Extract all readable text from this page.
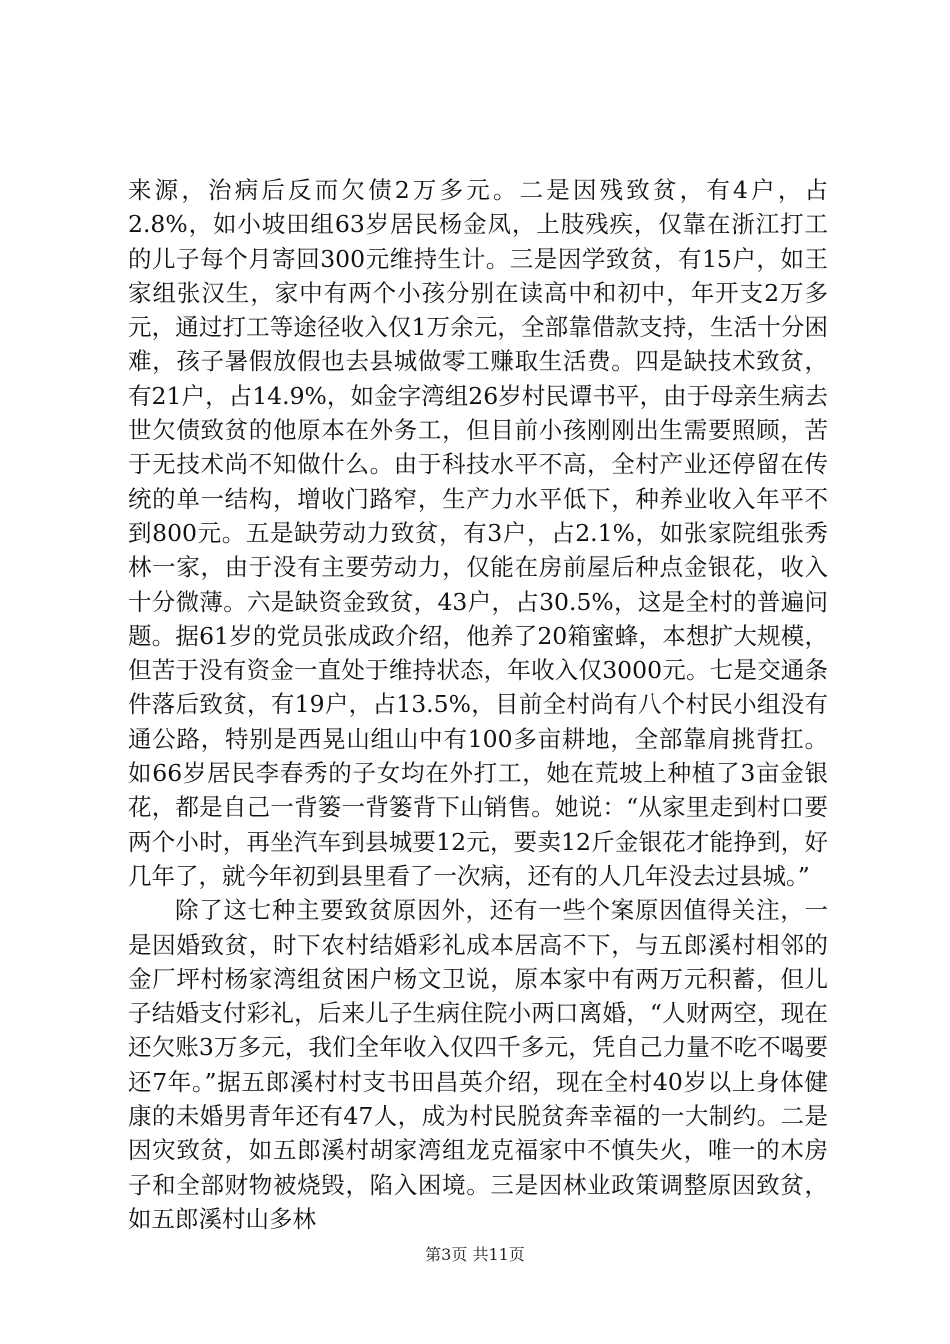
来源，治病后反而欠债2万多元。二是因残致贫，有4户，占2.8%，如小坡田组63岁居民杨金凤，上肢残疾，仅靠在浙江打工的儿子每个月寄回300元维持生计。三是因学致贫，有15户，如王家组张汉生，家中有两个小孩分别在读高中和初中，年开支2万多元，通过打工等途径收入仅1万余元，全部靠借款支持，生活十分困难，孩子暑假放假也去县城做零工赚取生活费。四是缺技术致贫，有21户，占14.9%，如金字湾组26岁村民谭书平，由于母亲生病去世欠债致贫的他原本在外务工，但目前小孩刚刚出生需要照顾，苦于无技术尚不知做什么。由于科技水平不高，全村产业还停留在传统的单一结构，增收门路窄，生产力水平低下，种养业收入年平不到800元。五是缺劳动力致贫，有3户，占2.1%，如张家院组张秀林一家，由于没有主要劳动力，仅能在房前屋后种点金银花，收入十分微薄。六是缺资金致贫，43户，占30.5%，这是全村的普遍问题。据61岁的党员张成政介绍，他养了20箱蜜蜂，本想扩大规模，但苦于没有资金一直处于维持状态，年收入仅3000元。七是交通条件落后致贫，有19户，占13.5%，目前全村尚有八个村民小组没有通公路，特别是西晃山组山中有100多亩耕地，全部靠肩挑背扛。如66岁居民李春秀的子女均在外打工，她在荒坡上种植了3亩金银花，都是自己一背篓一背篓背下山销售。她说：“从家里走到村口要两个小时，再坐汽车到县城要12元，要卖12斤金银花才能挣到，好几年了，就今年初到县里看了一次病，还有的人几年没去过县城。”

除了这七种主要致贫原因外，还有一些个案原因值得关注，一是因婚致贫，时下农村结婚彩礼成本居高不下，与五郎溪村相邻的金厂坪村杨家湾组贫困户杨文卫说，原本家中有两万元积蓄，但儿子结婚支付彩礼，后来儿子生病住院小两口离婚，“人财两空，现在还欠账3万多元，我们全年收入仅四千多元，凭自己力量不吃不喝要还7年。”据五郎溪村村支书田昌英介绍，现在全村40岁以上身体健康的未婚男青年还有47人，成为村民脱贫奔幸福的一大制约。二是因灾致贫，如五郎溪村胡家湾组龙克福家中不慎失火，唯一的木房子和全部财物被烧毁，陷入困境。三是因林业政策调整原因致贫，如五郎溪村山多林

第3页 共11页
